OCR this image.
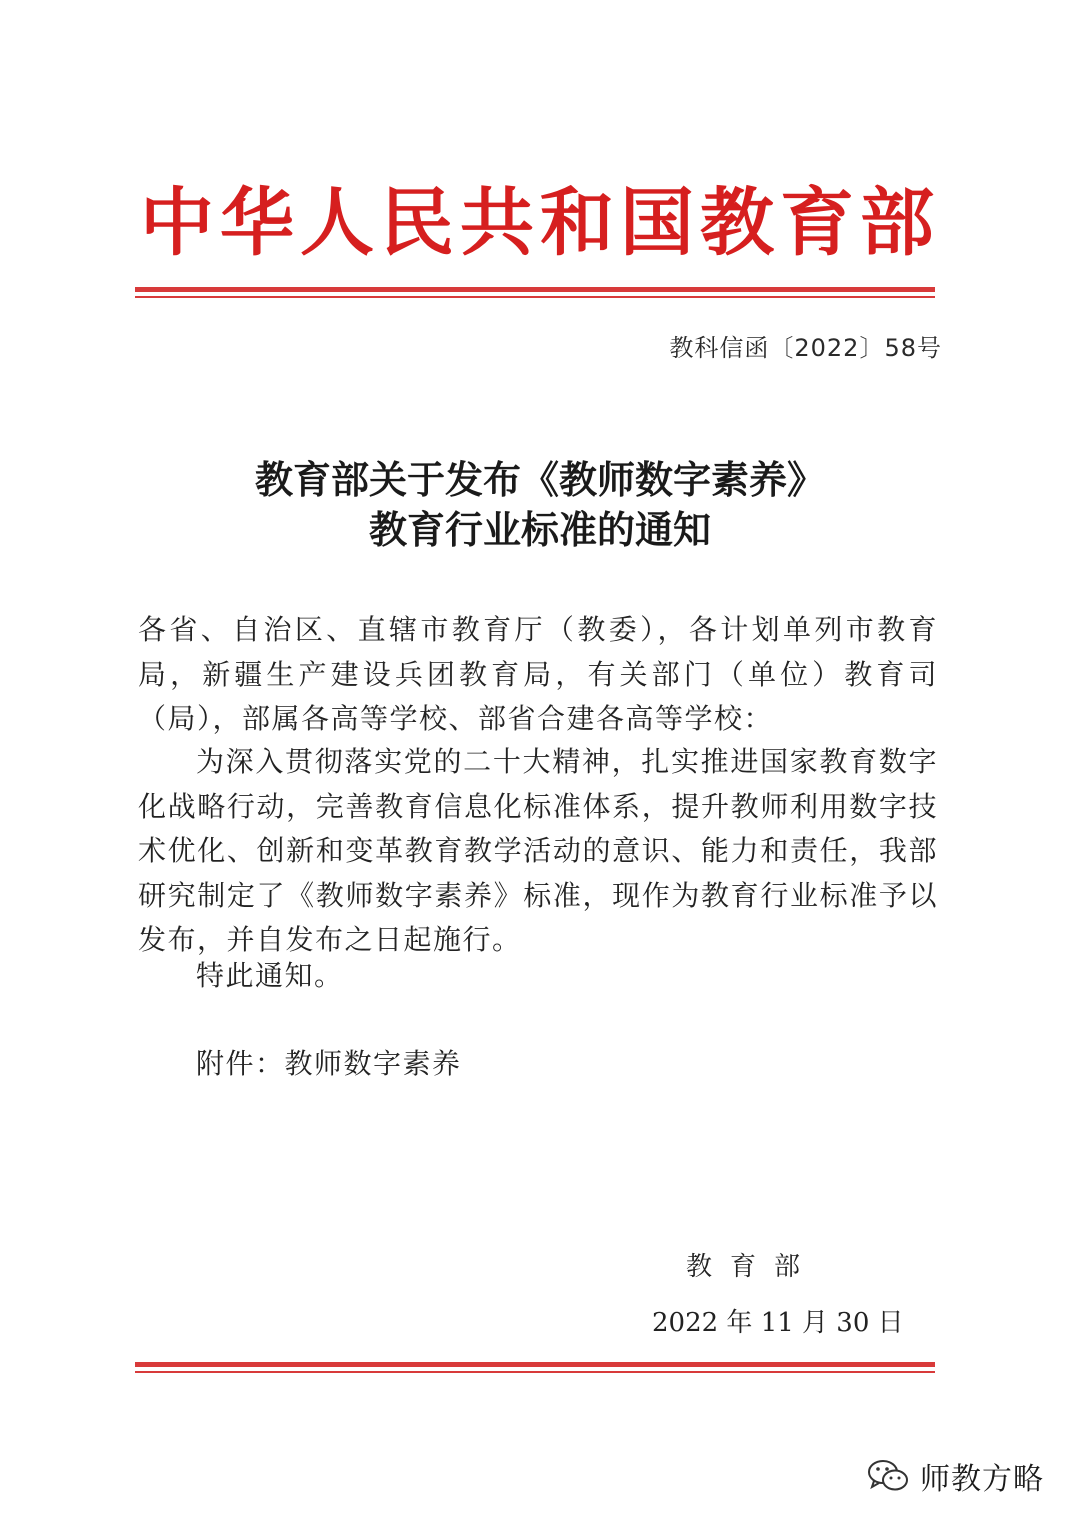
中华人民共和国教育部
教科信函〔2022〕58号
教育部关于发布《教师数字素养》
教育行业标准的通知
各省、自治区、直辖市教育厅（教委），各计划单列市教育局，新疆生产建设兵团教育局，有关部门（单位）教育司（局），部属各高等学校、部省合建各高等学校：
为深入贯彻落实党的二十大精神，扎实推进国家教育数字化战略行动，完善教育信息化标准体系，提升教师利用数字技术优化、创新和变革教育教学活动的意识、能力和责任，我部研究制定了《教师数字素养》标准，现作为教育行业标准予以发布，并自发布之日起施行。
特此通知。
附件：教师数字素养
教育部
2022 年 11 月 30 日
师教方略
